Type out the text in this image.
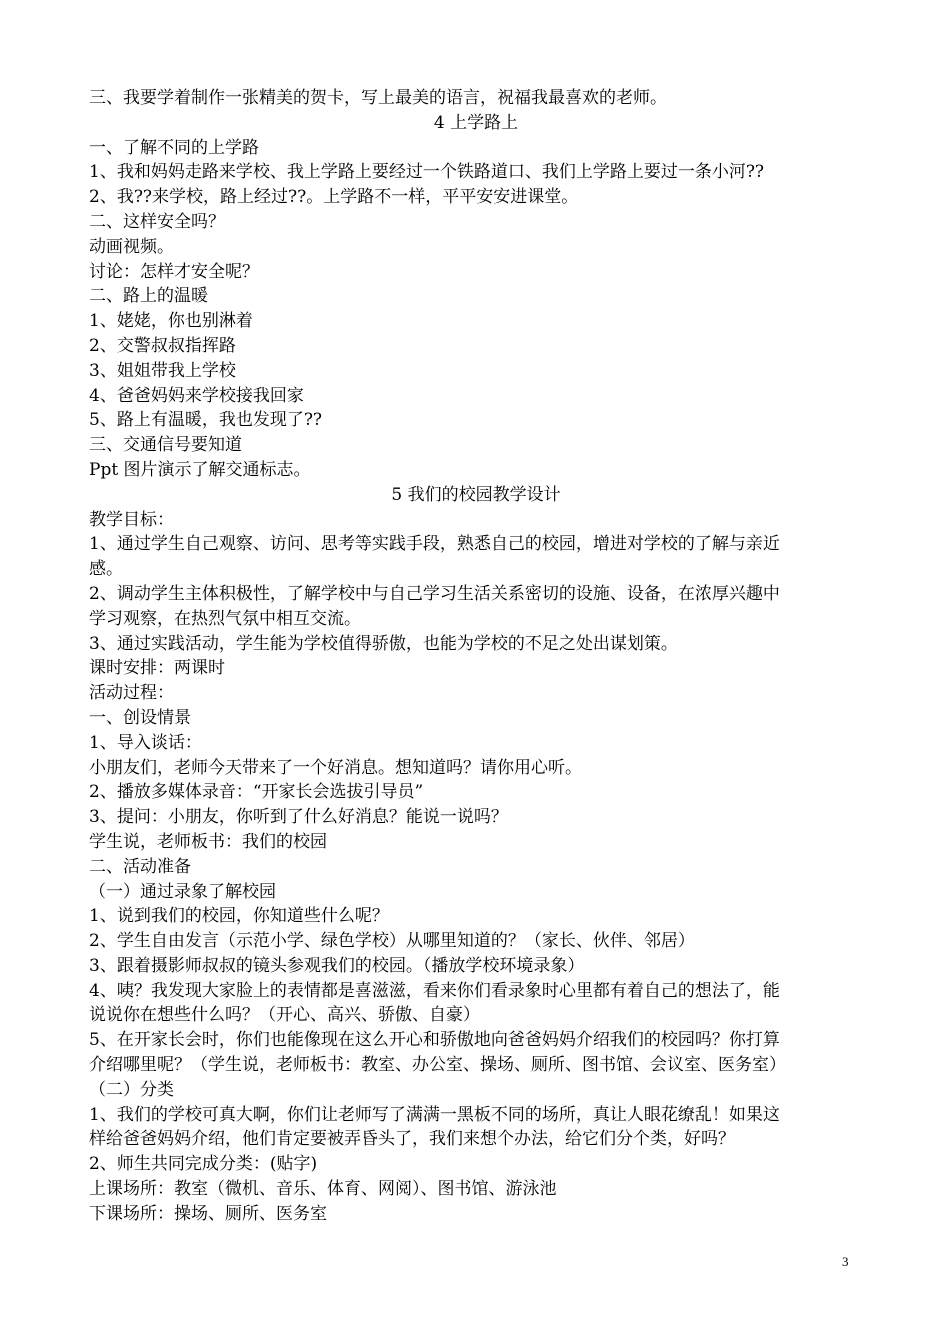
三、我要学着制作一张精美的贺卡，写上最美的语言，祝福我最喜欢的老师。
4 上学路上
一、了解不同的上学路
1、我和妈妈走路来学校、我上学路上要经过一个铁路道口、我们上学路上要过一条小河??
2、我??来学校，路上经过??。上学路不一样，平平安安进课堂。
二、这样安全吗？
动画视频。
讨论：怎样才安全呢？
二、路上的温暖
1、姥姥，你也别淋着
2、交警叔叔指挥路
3、姐姐带我上学校
4、爸爸妈妈来学校接我回家
5、路上有温暖，我也发现了??
三、交通信号要知道
Ppt 图片演示了解交通标志。
5 我们的校园教学设计
教学目标：
1、通过学生自己观察、访问、思考等实践手段，熟悉自己的校园，增进对学校的了解与亲近
感。
2、调动学生主体积极性，了解学校中与自己学习生活关系密切的设施、设备，在浓厚兴趣中
学习观察，在热烈气氛中相互交流。
3、通过实践活动，学生能为学校值得骄傲，也能为学校的不足之处出谋划策。
课时安排：两课时
活动过程：
一、创设情景
1、导入谈话：
小朋友们，老师今天带来了一个好消息。想知道吗？请你用心听。
2、播放多媒体录音：“开家长会选拔引导员”
3、提问：小朋友，你听到了什么好消息？能说一说吗？
学生说，老师板书：我们的校园
二、活动准备
（一）通过录象了解校园
1、说到我们的校园，你知道些什么呢？
2、学生自由发言（示范小学、绿色学校）从哪里知道的？（家长、伙伴、邻居）
3、跟着摄影师叔叔的镜头参观我们的校园。（播放学校环境录象）
4、咦？我发现大家脸上的表情都是喜滋滋，看来你们看录象时心里都有着自己的想法了，能
说说你在想些什么吗？（开心、高兴、骄傲、自豪）
5、在开家长会时，你们也能像现在这么开心和骄傲地向爸爸妈妈介绍我们的校园吗？你打算
介绍哪里呢？（学生说，老师板书：教室、办公室、操场、厕所、图书馆、会议室、医务室）
（二）分类
1、我们的学校可真大啊，你们让老师写了满满一黑板不同的场所，真让人眼花缭乱！如果这
样给爸爸妈妈介绍，他们肯定要被弄昏头了，我们来想个办法，给它们分个类，好吗？
2、师生共同完成分类：(贴字)
上课场所：教室（微机、音乐、体育、网阅）、图书馆、游泳池
下课场所：操场、厕所、医务室
3
